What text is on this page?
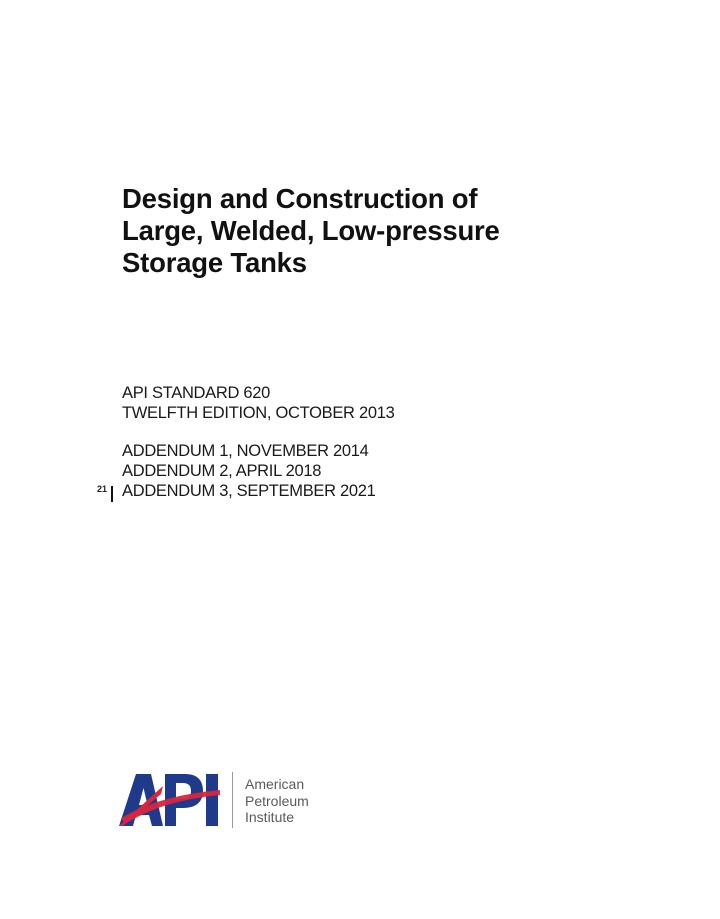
Design and Construction of
Large, Welded, Low-pressure
Storage Tanks
API STANDARD 620
TWELFTH EDITION, OCTOBER 2013
ADDENDUM 1, NOVEMBER 2014
ADDENDUM 2, APRIL 2018
ADDENDUM 3, SEPTEMBER 2021
21
API
American
Petroleum
Institute
